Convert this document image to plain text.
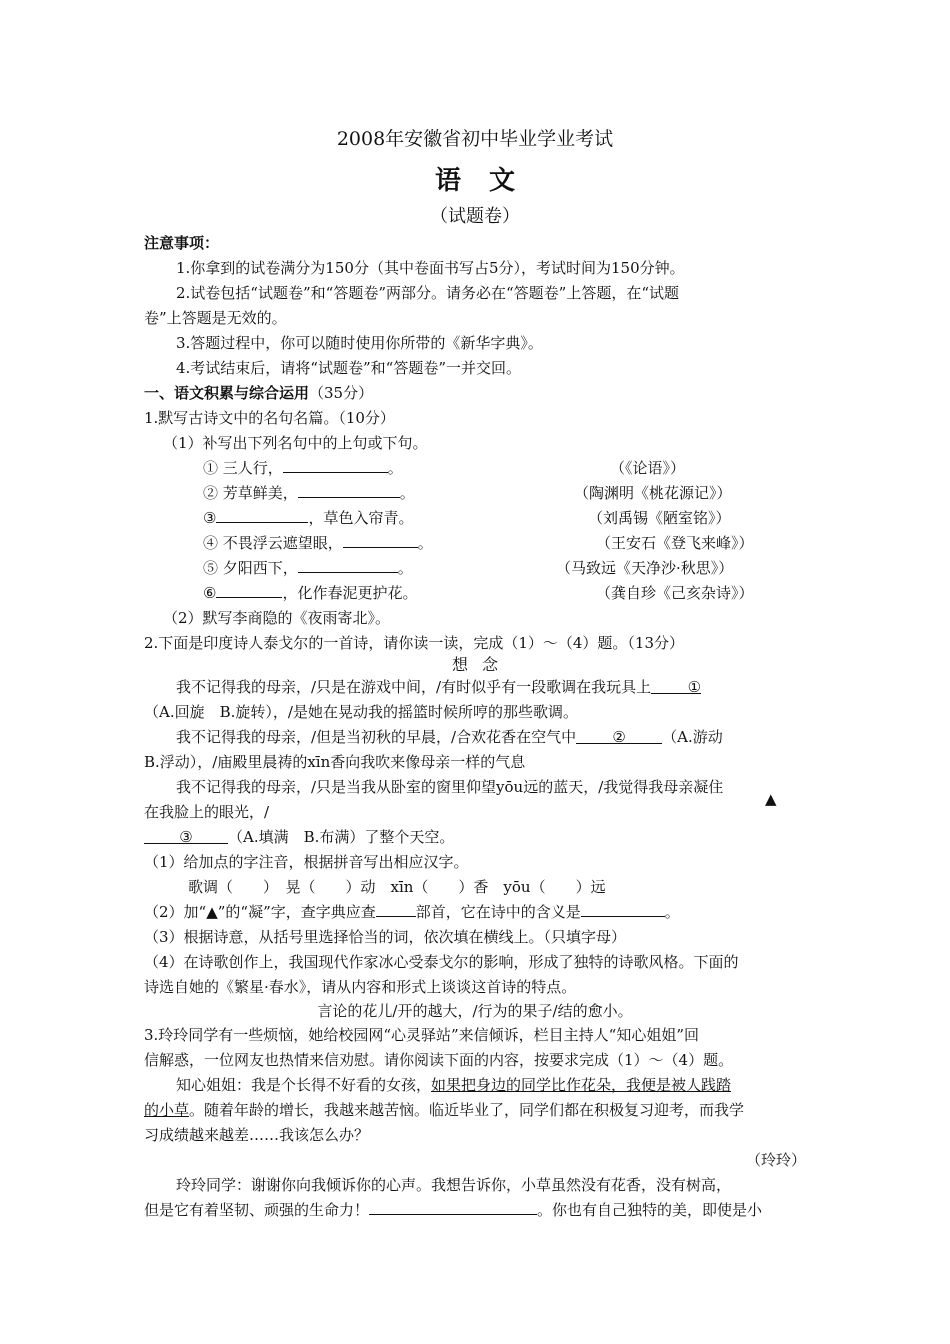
2008年安徽省初中毕业学业考试
语文
（试题卷）
注意事项：
1.你拿到的试卷满分为150分（其中卷面书写占5分），考试时间为150分钟。
2.试卷包括“试题卷”和“答题卷”两部分。请务必在“答题卷”上答题，在“试题
卷”上答题是无效的。
3.答题过程中，你可以随时使用你所带的《新华字典》。
4.考试结束后，请将“试题卷”和“答题卷”一并交回。
一、语文积累与综合运用（35分）
1.默写古诗文中的名句名篇。（10分）
（1）补写出下列名句中的上句或下句。
① 三人行，	。	（《论语》）
② 芳草鲜美，	。	（陶渊明《桃花源记》）
③	，草色入帘青。	（刘禹锡《陋室铭》）
④ 不畏浮云遮望眼，	。	（王安石《登飞来峰》）
⑤ 夕阳西下，	。	（马致远《天净沙·秋思》）
⑥	，化作春泥更护花。	（龚自珍《己亥杂诗》）
（2）默写李商隐的《夜雨寄北》。
2.下面是印度诗人泰戈尔的一首诗，请你读一读，完成（1）～（4）题。（13分）
想念
我不记得我的母亲，/只是在游戏中间，/有时似乎有一段歌调在我玩具上 ①
（A.回旋　B.旋转），/是她在晃动我的摇篮时候所哼的那些歌调。
我不记得我的母亲，/但是当初秋的早晨，/合欢花香在空气中 ② （A.游动
B.浮动），/庙殿里晨祷的xīn香向我吹来像母亲一样的气息
我不记得我的母亲，/只是当我从卧室的窗里仰望yōu远的蓝天，/我觉得我母亲凝住
▲
在我脸上的眼光，/
③ （A.填满　B.布满）了整个天空。
（1）给加点的字注音，根据拼音写出相应汉字。
歌调（　　）　晃（　　）动　xīn（　　）香　yōu（　　）远
（2）加“▲”的“凝”字，查字典应查	部首，它在诗中的含义是	。
（3）根据诗意，从括号里选择恰当的词，依次填在横线上。（只填字母）
（4）在诗歌创作上，我国现代作家冰心受泰戈尔的影响，形成了独特的诗歌风格。下面的
诗选自她的《繁星·春水》，请从内容和形式上谈谈这首诗的特点。
言论的花儿/开的越大，/行为的果子/结的愈小。
3.玲玲同学有一些烦恼，她给校园网“心灵驿站”来信倾诉，栏目主持人“知心姐姐”回
信解惑，一位网友也热情来信劝慰。请你阅读下面的内容，按要求完成（1）～（4）题。
知心姐姐：我是个长得不好看的女孩，如果把身边的同学比作花朵，我便是被人践踏
的小草。随着年龄的增长，我越来越苦恼。临近毕业了，同学们都在积极复习迎考，而我学
习成绩越来越差……我该怎么办？
（玲玲）
玲玲同学：谢谢你向我倾诉你的心声。我想告诉你，小草虽然没有花香，没有树高，
但是它有着坚韧、顽强的生命力！	。你也有自己独特的美，即使是小
